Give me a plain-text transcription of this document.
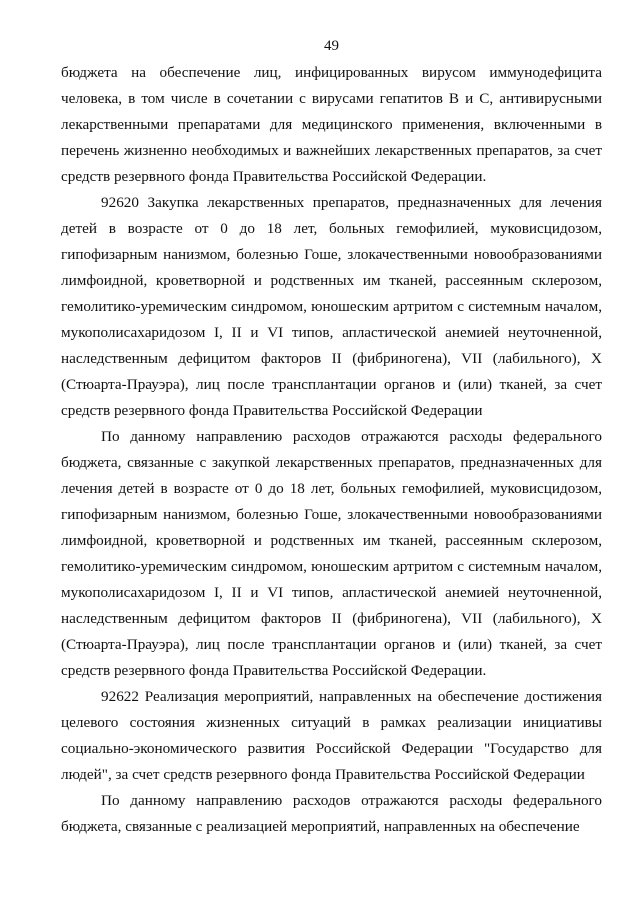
49

бюджета на обеспечение лиц, инфицированных вирусом иммунодефицита человека, в том числе в сочетании с вирусами гепатитов B и C, антивирусными лекарственными препаратами для медицинского применения, включенными в перечень жизненно необходимых и важнейших лекарственных препаратов, за счет средств резервного фонда Правительства Российской Федерации.

92620 Закупка лекарственных препаратов, предназначенных для лечения детей в возрасте от 0 до 18 лет, больных гемофилией, муковисцидозом, гипофизарным нанизмом, болезнью Гоше, злокачественными новообразованиями лимфоидной, кроветворной и родственных им тканей, рассеянным склерозом, гемолитико-уремическим синдромом, юношеским артритом с системным началом, мукополисахаридозом I, II и VI типов, апластической анемией неуточненной, наследственным дефицитом факторов II (фибриногена), VII (лабильного), X (Стюарта-Прауэра), лиц после трансплантации органов и (или) тканей, за счет средств резервного фонда Правительства Российской Федерации

По данному направлению расходов отражаются расходы федерального бюджета, связанные с закупкой лекарственных препаратов, предназначенных для лечения детей в возрасте от 0 до 18 лет, больных гемофилией, муковисцидозом, гипофизарным нанизмом, болезнью Гоше, злокачественными новообразованиями лимфоидной, кроветворной и родственных им тканей, рассеянным склерозом, гемолитико-уремическим синдромом, юношеским артритом с системным началом, мукополисахаридозом I, II и VI типов, апластической анемией неуточненной, наследственным дефицитом факторов II (фибриногена), VII (лабильного), X (Стюарта-Прауэра), лиц после трансплантации органов и (или) тканей, за счет средств резервного фонда Правительства Российской Федерации.

92622 Реализация мероприятий, направленных на обеспечение достижения целевого состояния жизненных ситуаций в рамках реализации инициативы социально-экономического развития Российской Федерации "Государство для людей", за счет средств резервного фонда Правительства Российской Федерации

По данному направлению расходов отражаются расходы федерального бюджета, связанные с реализацией мероприятий, направленных на обеспечение
